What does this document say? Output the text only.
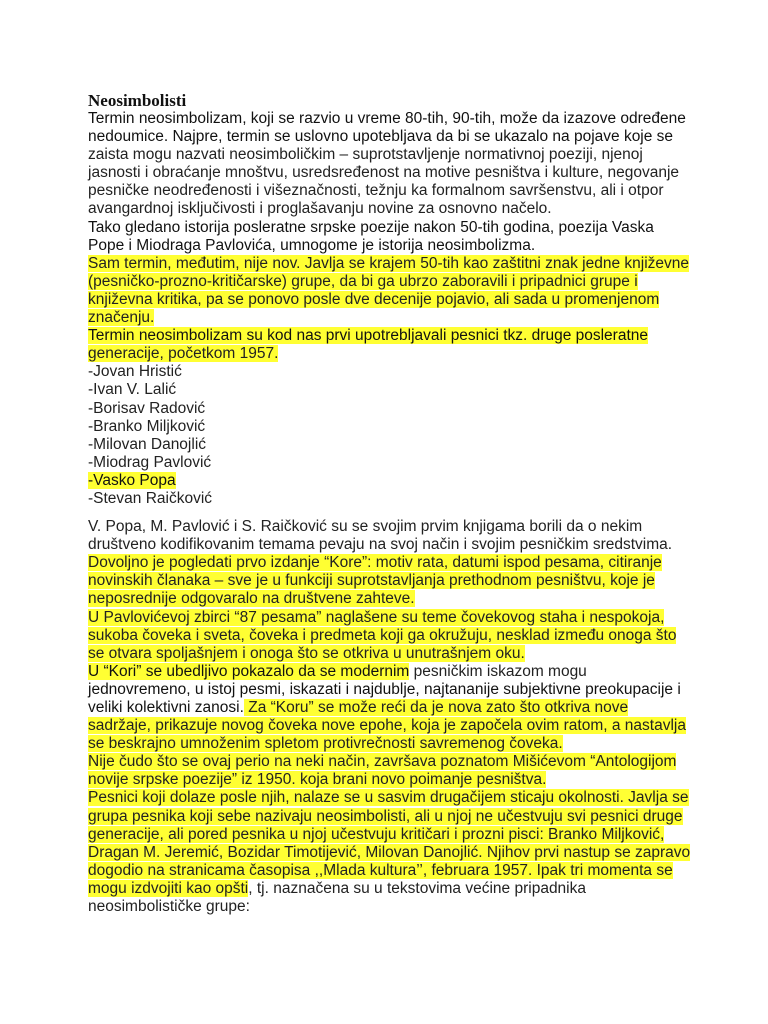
Neosimbolisti
Termin neosimbolizam, koji se razvio u vreme 80-tih, 90-tih, može da izazove određene
nedoumice. Najpre, termin se uslovno upotebljava da bi se ukazalo na pojave koje se
zaista mogu nazvati neosimboličkim – suprotstavljenje normativnoj poeziji, njenoj
jasnosti i obraćanje mnoštvu, usredsređenost na motive pesništva i kulture, negovanje
pesničke neodređenosti i višeznačnosti, težnju ka formalnom savršenstvu, ali i otpor
avangardnoj isključivosti i proglašavanju novine za osnovno načelo.
Tako gledano istorija posleratne srpske poezije nakon 50-tih godina, poezija Vaska
Pope i Miodraga Pavlovića, umnogome je istorija neosimbolizma.
Sam termin, međutim, nije nov. Javlja se krajem 50-tih kao zaštitni znak jedne književne
(pesničko-prozno-kritičarske) grupe, da bi ga ubrzo zaboravili i pripadnici grupe i
književna kritika, pa se ponovo posle dve decenije pojavio, ali sada u promenjenom
značenju.
Termin neosimbolizam su kod nas prvi upotrebljavali pesnici tkz. druge posleratne
generacije, početkom 1957.
-Jovan Hristić
-Ivan V. Lalić
-Borisav Radović
-Branko Miljković
-Milovan Danojlić
-Miodrag Pavlović
-Vasko Popa
-Stevan Raičković
V. Popa, M. Pavlović i S. Raičković su se svojim prvim knjigama borili da o nekim
društveno kodifikovanim temama pevaju na svoj način i svojim pesničkim sredstvima.
Dovoljno je pogledati prvo izdanje “Kore”: motiv rata, datumi ispod pesama, citiranje
novinskih članaka – sve je u funkciji suprotstavljanja prethodnom pesništvu, koje je
neposrednije odgovaralo na društvene zahteve.
U Pavlovićevoj zbirci “87 pesama” naglašene su teme čovekovog staha i nespokoja,
sukoba čoveka i sveta, čoveka i predmeta koji ga okružuju, nesklad između onoga što
se otvara spoljašnjem i onoga što se otkriva u unutrašnjem oku.
U “Kori” se ubedljivo pokazalo da se modernim pesničkim iskazom mogu
jednovremeno, u istoj pesmi, iskazati i najdublje, najtananije subjektivne preokupacije i
veliki kolektivni zanosi. Za “Koru” se može reći da je nova zato što otkriva nove
sadržaje, prikazuje novog čoveka nove epohe, koja je započela ovim ratom, a nastavlja
se beskrajno umnoženim spletom protivrečnosti savremenog čoveka.
Nije čudo što se ovaj perio na neki način, završava poznatom Mišićevom “Antologijom
novije srpske poezije” iz 1950. koja brani novo poimanje pesništva.
Pesnici koji dolaze posle njih, nalaze se u sasvim drugačijem sticaju okolnosti. Javlja se
grupa pesnika koji sebe nazivaju neosimbolisti, ali u njoj ne učestvuju svi pesnici druge
generacije, ali pored pesnika u njoj učestvuju kritičari i prozni pisci: Branko Miljković,
Dragan M. Jeremić, Bozidar Timotijević, Milovan Danojlić. Njihov prvi nastup se zapravo
dogodio na stranicama časopisa ,,Mlada kultura’’, februara 1957. Ipak tri momenta se
mogu izdvojiti kao opšti, tj. naznačena su u tekstovima većine pripadnika
neosimbolističke grupe:
